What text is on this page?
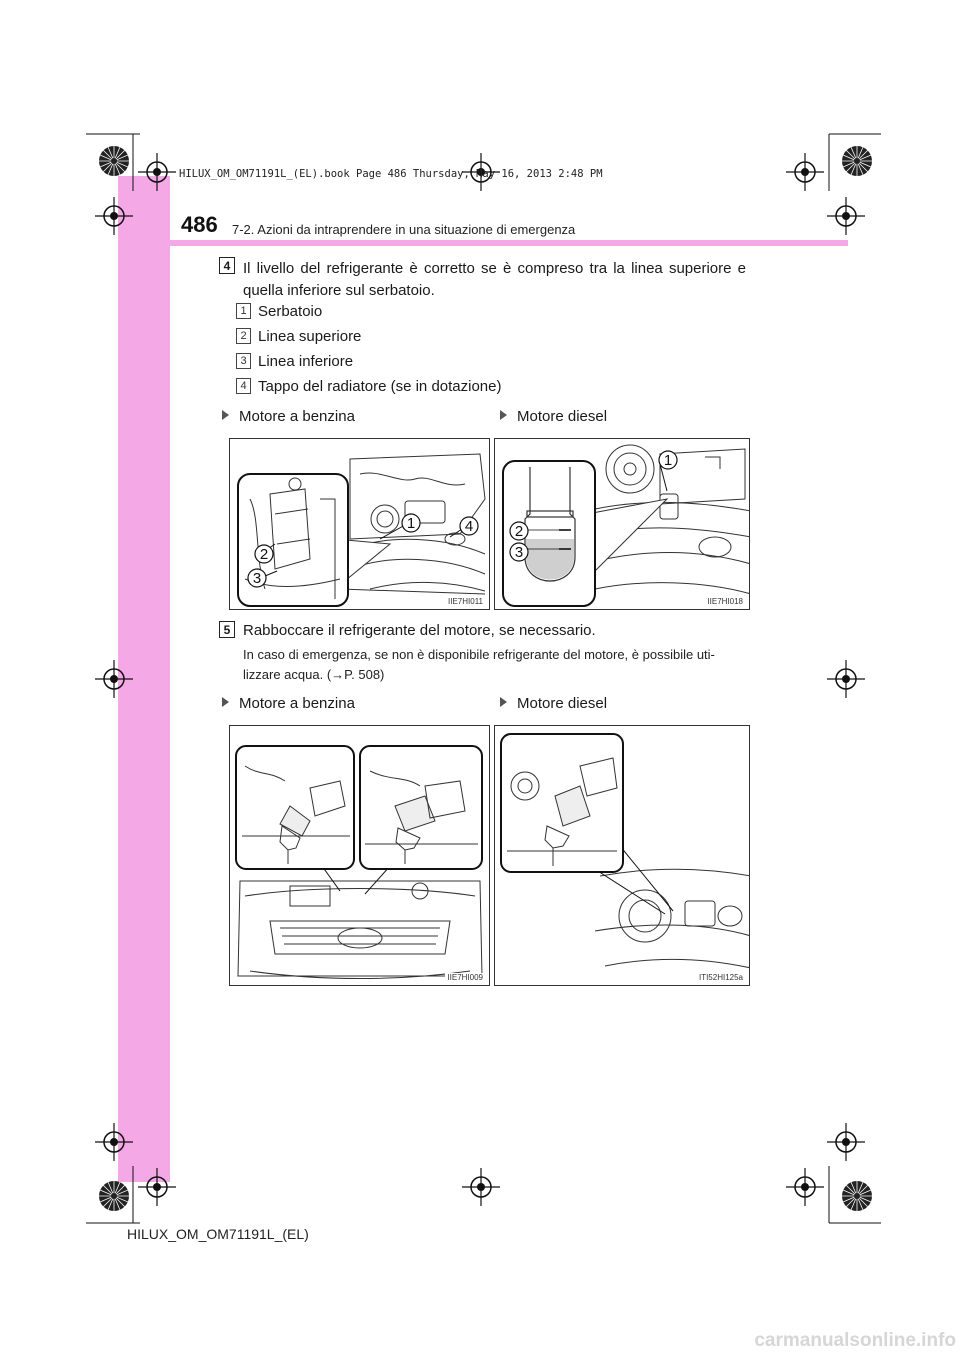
HILUX_OM_OM71191L_(EL).book Page 486 Thursday, May 16, 2013 2:48 PM
486 7-2. Azioni da intraprendere in una situazione di emergenza
4 Il livello del refrigerante è corretto se è compreso tra la linea superiore e quella inferiore sul serbatoio.
1 Serbatoio
2 Linea superiore
3 Linea inferiore
4 Tappo del radiatore (se in dotazione)
Motore a benzina	Motore diesel
1	4
2
3
IIE7HI011
1
2
3
IIE7HI018
5 Rabboccare il refrigerante del motore, se necessario.
In caso di emergenza, se non è disponibile refrigerante del motore, è possibile uti-lizzare acqua. (→P. 508)
Motore a benzina	Motore diesel
IIE7HI009	ITI52HI125a
HILUX_OM_OM71191L_(EL)
carmanualsonline.info
